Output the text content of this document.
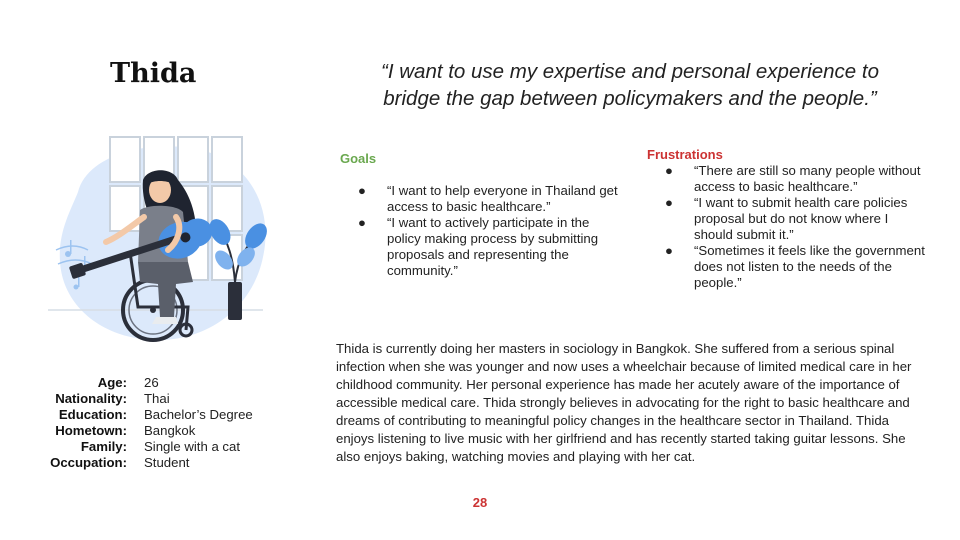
Thida	“I want to use my expertise and personal experience to bridge the gap between policymakers and the people.”
Goals
● “I want to help everyone in Thailand get access to basic healthcare.”
● “I want to actively participate in the policy making process by submitting proposals and representing the community.”
Frustrations
● “There are still so many people without access to basic healthcare.”
● “I want to submit health care policies proposal but do not know where I should submit it.”
● “Sometimes it feels like the government does not listen to the needs of the people.”
Thida is currently doing her masters in sociology in Bangkok. She suffered from a serious spinal infection when she was younger and now uses a wheelchair because of limited medical care in her childhood community. Her personal experience has made her acutely aware of the importance of accessible medical care. Thida strongly believes in advocating for the right to basic healthcare and dreams of contributing to meaningful policy changes in the healthcare sector in Thailand. Thida enjoys listening to live music with her girlfriend and has recently started taking guitar lessons. She also enjoys baking, watching movies and playing with her cat.
Age: 26
Nationality: Thai
Education: Bachelor’s Degree
Hometown: Bangkok
Family: Single with a cat
Occupation: Student
28
